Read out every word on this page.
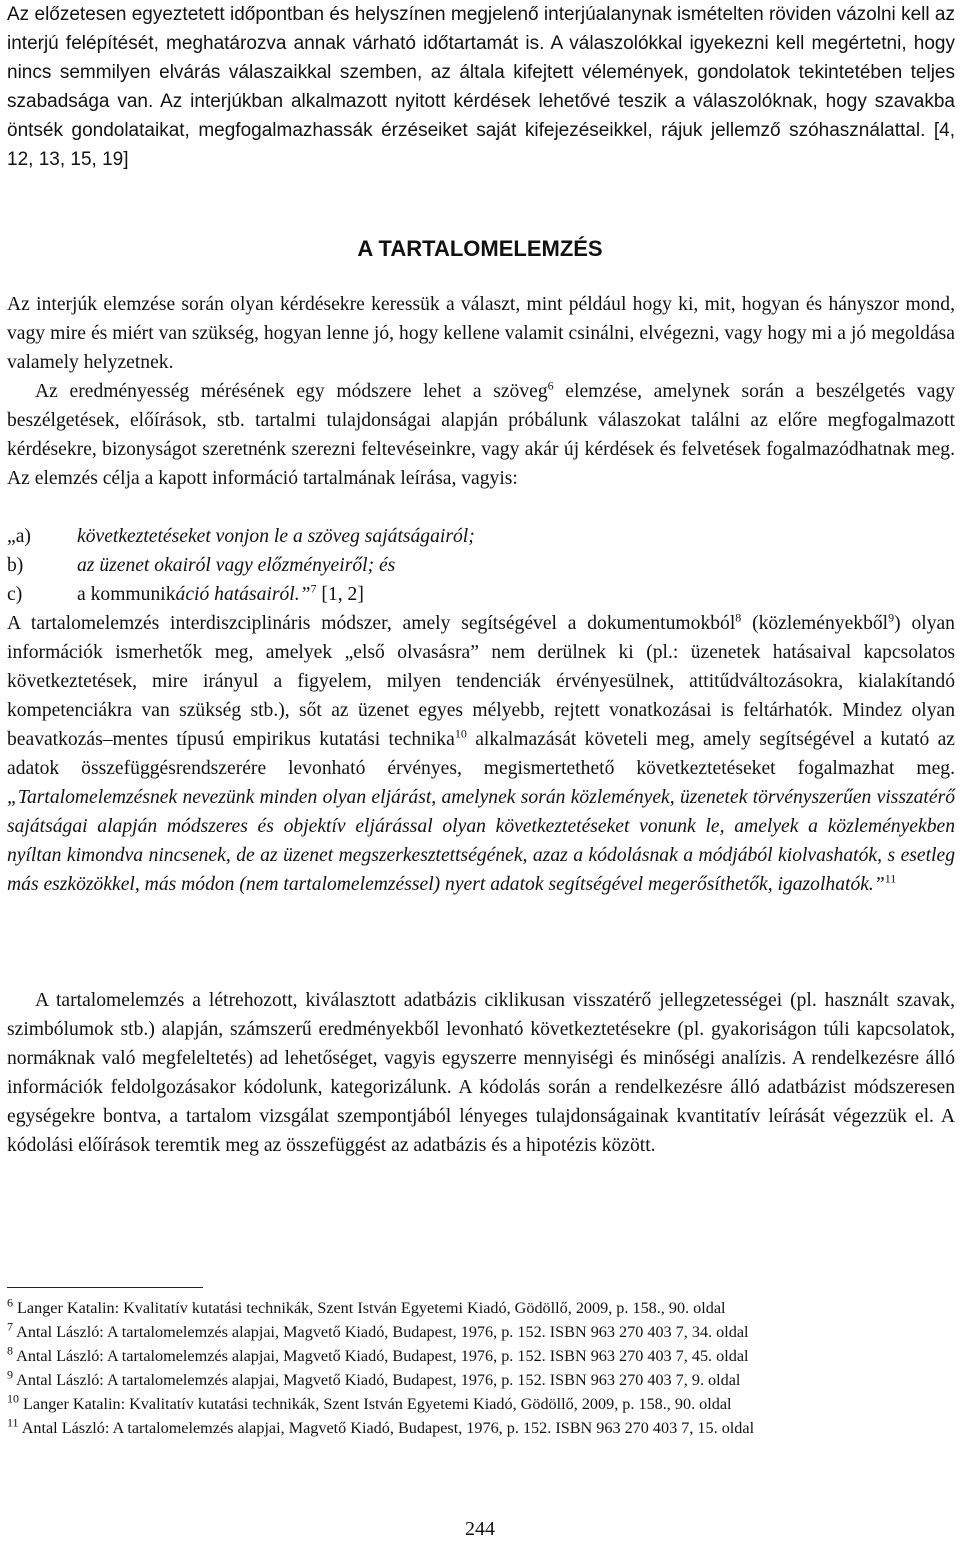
Az előzetesen egyeztetett időpontban és helyszínen megjelenő interjúalanynak ismételten röviden vázolni kell az interjú felépítését, meghatározva annak várható időtartamát is. A válaszolókkal igyekezni kell megértetni, hogy nincs semmilyen elvárás válaszaikkal szemben, az általa kifejtett vélemények, gondolatok tekintetében teljes szabadsága van. Az interjúkban alkalmazott nyitott kérdések lehetővé teszik a válaszolóknak, hogy szavakba öntsék gondolataikat, megfogalmazhassák érzéseiket saját kifejezéseikkel, rájuk jellemző szóhasználattal. [4, 12, 13, 15, 19]

A TARTALOMELEMZÉS

Az interjúk elemzése során olyan kérdésekre keressük a választ, mint például hogy ki, mit, hogyan és hányszor mond, vagy mire és miért van szükség, hogyan lenne jó, hogy kellene valamit csinálni, elvégezni, vagy hogy mi a jó megoldása valamely helyzetnek.

Az eredményesség mérésének egy módszere lehet a szöveg$^6$ elemzése, amelynek során a beszélgetés vagy beszélgetések, előírások, stb. tartalmi tulajdonságai alapján próbálunk válaszokat találni az előre megfogalmazott kérdésekre, bizonyságot szeretnénk szerezni feltevéseinkre, vagy akár új kérdések és felvetések fogalmazódhatnak meg. Az elemzés célja a kapott információ tartalmának leírása, vagyis:

„a) következtetéseket vonjon le a szöveg sajátságairól;
b)	az üzenet okairól vagy előzményeiről; és
c)	a kommunikáció hatásairól.”$^7$ [1, 2]

A tartalomelemzés interdiszciplináris módszer, amely segítségével a dokumentumokból$^8$ (közleményekből$^9$) olyan információk ismerhetők meg, amelyek „első olvasásra” nem derülnek ki (pl.: üzenetek hatásaival kapcsolatos következtetések, mire irányul a figyelem, milyen tendenciák érvényesülnek, attitűdváltozásokra, kialakítandó kompetenciákra van szükség stb.), sőt az üzenet egyes mélyebb, rejtett vonatkozásai is feltárhatók. Mindez olyan beavatkozás–mentes típusú empirikus kutatási technika$^{10}$ alkalmazását követeli meg, amely segítségével a kutató az adatok összefüggésrendszerére levonható érvényes, megismertethető következtetéseket fogalmazhat meg. „Tartalomelemzésnek nevezünk minden olyan eljárást, amelynek során közlemények, üzenetek törvényszerűen visszatérő sajátságai alapján módszeres és objektív eljárással olyan következtetéseket vonunk le, amelyek a közleményekben nyíltan kimondva nincsenek, de az üzenet megszerkesztettségének, azaz a kódolásnak a módjából kiolvashatók, s esetleg más eszközökkel, más módon (nem tartalomelemzéssel) nyert adatok segítségével megerősíthetők, igazolhatók.”$^{11}$

A tartalomelemzés a létrehozott, kiválasztott adatbázis ciklikusan visszatérő jellegzetességei (pl. használt szavak, szimbólumok stb.) alapján, számszerű eredményekből levonható következtetésekre (pl. gyakoriságon túli kapcsolatok, normáknak való megfeleltetés) ad lehetőséget, vagyis egyszerre mennyiségi és minőségi analízis. A rendelkezésre álló információk feldolgozásakor kódolunk, kategorizálunk. A kódolás során a rendelkezésre álló adatbázist módszeresen egységekre bontva, a tartalom vizsgálat szempontjából lényeges tulajdonságainak kvantitatív leírását végezzük el. A kódolási előírások teremtik meg az összefüggést az adatbázis és a hipotézis között.

$^6$ Langer Katalin: Kvalitatív kutatási technikák, Szent István Egyetemi Kiadó, Gödöllő, 2009, p. 158., 90. oldal

$^7$ Antal László: A tartalomelemzés alapjai, Magvető Kiadó, Budapest, 1976, p. 152. ISBN 963 270 403 7, 34. oldal

$^8$ Antal László: A tartalomelemzés alapjai, Magvető Kiadó, Budapest, 1976, p. 152. ISBN 963 270 403 7, 45. oldal

$^9$ Antal László: A tartalomelemzés alapjai, Magvető Kiadó, Budapest, 1976, p. 152. ISBN 963 270 403 7, 9. oldal

$^{10}$ Langer Katalin: Kvalitatív kutatási technikák, Szent István Egyetemi Kiadó, Gödöllő, 2009, p. 158., 90. oldal

$^{11}$ Antal László: A tartalomelemzés alapjai, Magvető Kiadó, Budapest, 1976, p. 152. ISBN 963 270 403 7, 15. oldal

244
